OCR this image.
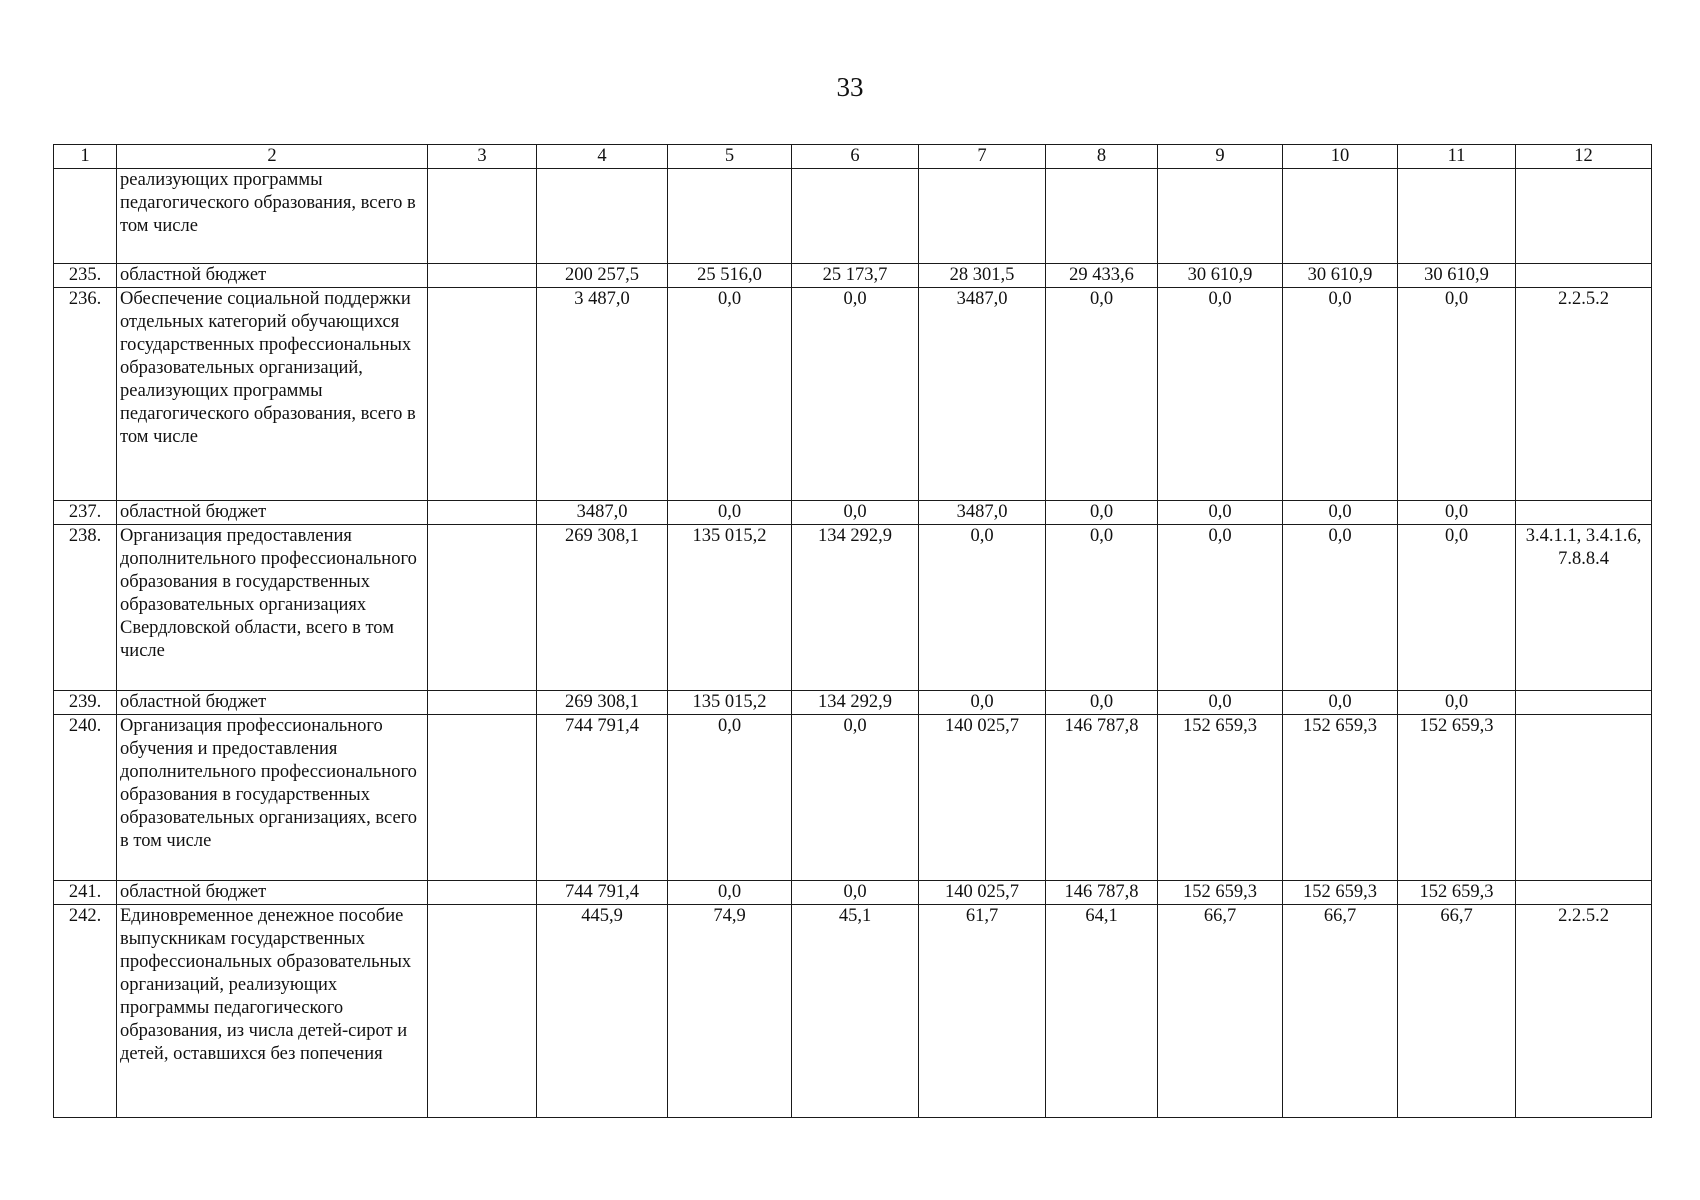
33
1	2	3	4	5	6	7	8	9	10	11	12
	реализующих программы педагогического образования, всего в том числе										
235.	областной бюджет		200 257,5	25 516,0	25 173,7	28 301,5	29 433,6	30 610,9	30 610,9	30 610,9	
236.	Обеспечение социальной поддержки отдельных категорий обучающихся государственных профессиональных образовательных организаций, реализующих программы педагогического образования, всего в том числе		3 487,0	0,0	0,0	3487,0	0,0	0,0	0,0	0,0	2.2.5.2
237.	областной бюджет		3487,0	0,0	0,0	3487,0	0,0	0,0	0,0	0,0	
238.	Организация предоставления дополнительного профессионального образования в государственных образовательных организациях Свердловской области, всего в том числе		269 308,1	135 015,2	134 292,9	0,0	0,0	0,0	0,0	0,0	3.4.1.1, 3.4.1.6, 7.8.8.4
239.	областной бюджет		269 308,1	135 015,2	134 292,9	0,0	0,0	0,0	0,0	0,0	
240.	Организация профессионального обучения и предоставления дополнительного профессионального образования в государственных образовательных организациях, всего в том числе		744 791,4	0,0	0,0	140 025,7	146 787,8	152 659,3	152 659,3	152 659,3	
241.	областной бюджет		744 791,4	0,0	0,0	140 025,7	146 787,8	152 659,3	152 659,3	152 659,3	
242.	Единовременное денежное пособие выпускникам государственных профессиональных образовательных организаций, реализующих программы педагогического образования, из числа детей-сирот и детей, оставшихся без попечения		445,9	74,9	45,1	61,7	64,1	66,7	66,7	66,7	2.2.5.2
